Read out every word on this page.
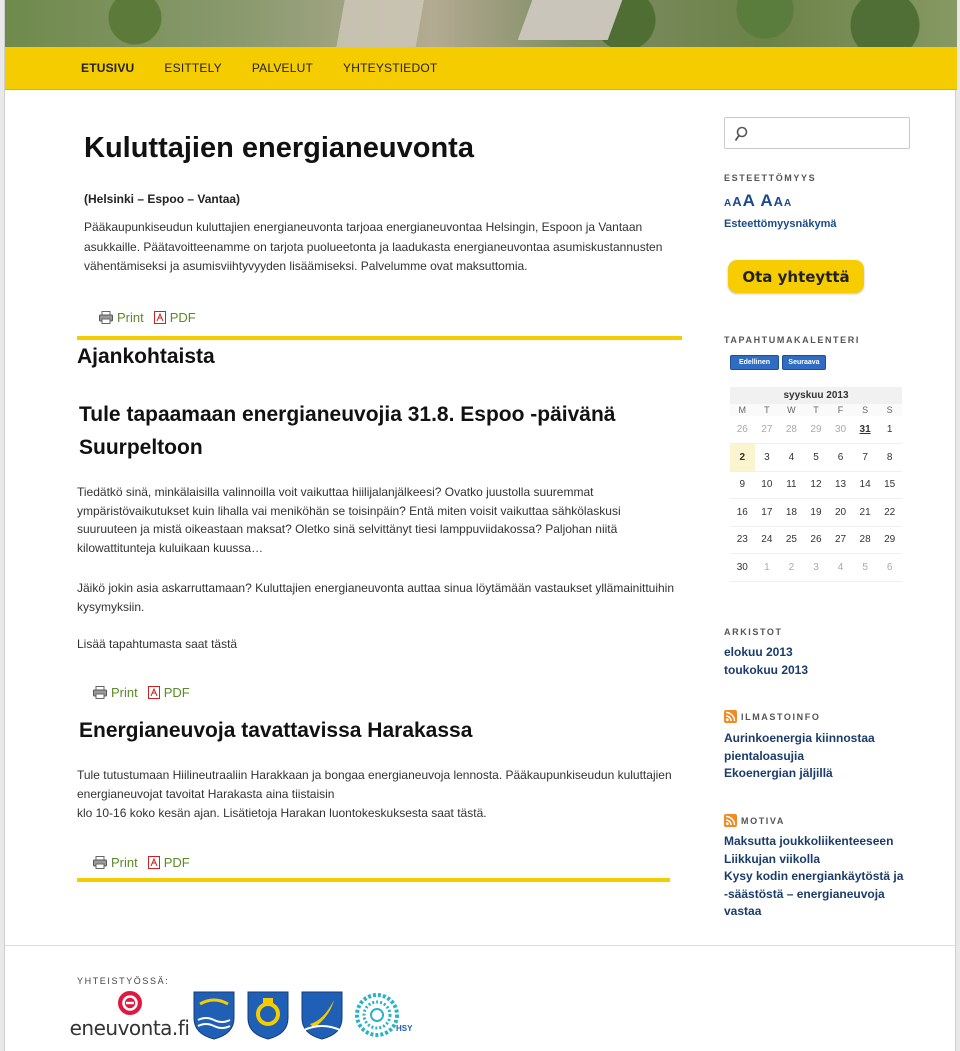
ETUSIVU	ESITTELY	PALVELUT	YHTEYSTIEDOT
Kuluttajien energianeuvonta
(Helsinki – Espoo – Vantaa)

Pääkaupunkiseudun kuluttajien energianeuvonta tarjoaa energianeuvontaa Helsingin, Espoon ja Vantaan asukkaille. Päätavoitteenamme on tarjota puolueetonta ja laadukasta energianeuvontaa asumiskustannusten vähentämiseksi ja asumisviihtyvyyden lisäämiseksi. Palvelumme ovat maksuttomia.

Print PDF
Ajankohtaista
Tule tapaamaan energianeuvojia 31.8. Espoo -päivänä Suurpeltoon

Tiedätkö sinä, minkälaisilla valinnoilla voit vaikuttaa hiilijalanjälkeesi? Ovatko juustolla suuremmat ympäristövaikutukset kuin lihalla vai meniköhän se toisinpäin? Entä miten voisit vaikuttaa sähkölaskusi suuruuteen ja mistä oikeastaan maksat? Oletko sinä selvittänyt tiesi lamppuviidakossa? Paljohan niitä kilowattitunteja kuluikaan kuussa…

Jäikö jokin asia askarruttamaan? Kuluttajien energianeuvonta auttaa sinua löytämään vastaukset yllämainittuihin kysymyksiin.

Lisää tapahtumasta saat tästä

Print PDF
Energianeuvoja tavattavissa Harakassa

Tule tutustumaan Hiilineutraaliin Harakkaan ja bongaa energianeuvoja lennosta. Pääkaupunkiseudun kuluttajien energianeuvojat tavoitat Harakasta aina tiistaisin

klo 10-16 koko kesän ajan. Lisätietoja Harakan luontokeskuksesta saat tästä.

Print PDF
ESTEETTÖMYYS
AAA AAA
Esteettömyysnäkymä
Ota yhteyttä
TAPAHTUMAKALENTERI
Edellinen	Seuraava
syyskuu 2013
M	T	W	T	F	S	S
26	27	28	29	30	31	1
2	3	4	5	6	7	8
9	10	11	12	13	14	15
16	17	18	19	20	21	22
23	24	25	26	27	28	29
30	1	2	3	4	5	6
ARKISTOT
elokuu 2013
toukokuu 2013
ILMASTOINFO
Aurinkoenergia kiinnostaa pientaloasujia
Ekoenergian jäljillä
MOTIVA
Maksutta joukkoliikenteeseen
Liikkujan viikolla
Kysy kodin energiankäytöstä ja -säästöstä – energianeuvoja vastaa
YHTEISTYÖSSÄ:
eneuvonta.fi	HSY
